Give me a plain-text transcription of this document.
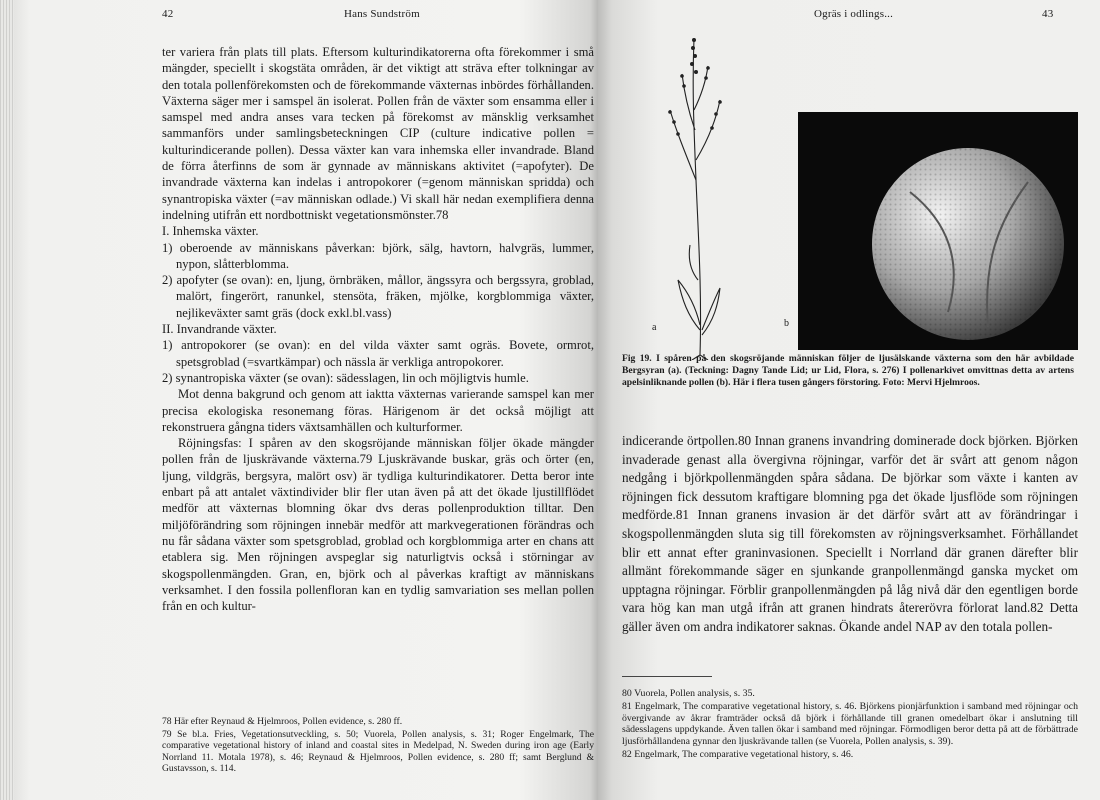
42	Hans Sundström

ter variera från plats till plats. Eftersom kulturindikatorerna ofta förekommer i små mängder, speciellt i skogstäta områden, är det viktigt att sträva efter tolkningar av den totala pollenförekomsten och de förekommande växternas inbördes förhållanden. Växterna säger mer i samspel än isolerat. Pollen från de växter som ensamma eller i samspel med andra anses vara tecken på förekomst av mänsklig verksamhet sammanförs under samlingsbeteckningen CIP (culture indicative pollen = kulturindicerande pollen). Dessa växter kan vara inhemska eller invandrade. Bland de förra återfinns de som är gynnade av människans aktivitet (=apofyter). De invandrade växterna kan indelas i antropokorer (=genom människan spridda) och synantropiska växter (=av människan odlade.) Vi skall här nedan exemplifiera denna indelning utifrån ett nordbottniskt vegetationsmönster.78

I. Inhemska växter.

1) oberoende av människans påverkan: björk, sälg, havtorn, halvgräs, lummer, nypon, slåtterblomma.

2) apofyter (se ovan): en, ljung, örnbräken, mållor, ängssyra och bergssyra, groblad, malört, fingerört, ranunkel, stensöta, fräken, mjölke, korgblommiga växter, nejlikeväxter samt gräs (dock exkl.bl.vass)

II. Invandrande växter.

1) antropokorer (se ovan): en del vilda växter samt ogräs. Bovete, ormrot, spetsgroblad (=svartkämpar) och nässla är verkliga antropokorer.

2) synantropiska växter (se ovan): sädesslagen, lin och möjligtvis humle.

Mot denna bakgrund och genom att iaktta växternas varierande samspel kan mer precisa ekologiska resonemang föras. Härigenom är det också möjligt att rekonstruera gångna tiders växtsamhällen och kulturformer.

Röjningsfas: I spåren av den skogsröjande människan följer ökade mängder pollen från de ljuskrävande växterna.79 Ljuskrävande buskar, gräs och örter (en, ljung, vildgräs, bergsyra, malört osv) är tydliga kulturindikatorer. Detta beror inte enbart på att antalet växtindivider blir fler utan även på att det ökade ljustillflödet medför att växternas blomning ökar dvs deras pollenproduktion tilltar. Den miljöförändring som röjningen innebär medför att markvegerationen förändras och nu får sådana växter som spetsgroblad, groblad och korgblommiga arter en chans att etablera sig. Men röjningen avspeglar sig naturligtvis också i störningar av skogspollenmängden. Gran, en, björk och al påverkas kraftigt av människans verksamhet. I den fossila pollenfloran kan en tydlig samvariation ses mellan pollen från en och kultur-

78 Här efter Reynaud & Hjelmroos, Pollen evidence, s. 280 ff.

79 Se bl.a. Fries, Vegetationsutveckling, s. 50; Vuorela, Pollen analysis, s. 31; Roger Engelmark, The comparative vegetational history of inland and coastal sites in Medelpad, N. Sweden during iron age (Early Norrland 11. Motala 1978), s. 46; Reynaud & Hjelmroos, Pollen evidence, s. 280 ff; samt Berglund & Gustavsson, s. 114.

Ogräs i odlings...	43
a	b
Fig 19. I spåren på den skogsröjande människan följer de ljusälskande växterna som den här avbildade Bergsyran (a). (Teckning: Dagny Tande Lid; ur Lid, Flora, s. 276) I pollenarkivet omvittnas detta av artens apelsinliknande pollen (b). Här i flera tusen gångers förstoring. Foto: Mervi Hjelmroos.
indicerande örtpollen.80 Innan granens invandring dominerade dock björken. Björken invaderade genast alla övergivna röjningar, varför det är svårt att genom någon nedgång i björkpollenmängden spåra sådana. De björkar som växte i kanten av röjningen fick dessutom kraftigare blomning pga det ökade ljusflöde som röjningen medförde.81 Innan granens invasion är det därför svårt att av förändringar i skogspollenmängden sluta sig till förekomsten av röjningsverksamhet. Förhållandet blir ett annat efter graninvasionen. Speciellt i Norrland där granen därefter blir allmänt förekommande säger en sjunkande granpollenmängd ganska mycket om upptagna röjningar. Förblir granpollenmängden på låg nivå där den egentligen borde vara hög kan man utgå ifrån att granen hindrats återerövra förlorat land.82 Detta gäller även om andra indikatorer saknas. Ökande andel NAP av den totala pollen-

80 Vuorela, Pollen analysis, s. 35.

81 Engelmark, The comparative vegetational history, s. 46. Björkens pionjärfunktion i samband med röjningar och övergivande av åkrar framträder också då björk i förhållande till granen omedelbart ökar i anslutning till sädesslagens uppdykande. Även tallen ökar i samband med röjningar. Förmodligen beror detta på att de förbättrade ljusförhållandena gynnar den ljuskrävande tallen (se Vuorela, Pollen analysis, s. 39).

82 Engelmark, The comparative vegetational history, s. 46.
